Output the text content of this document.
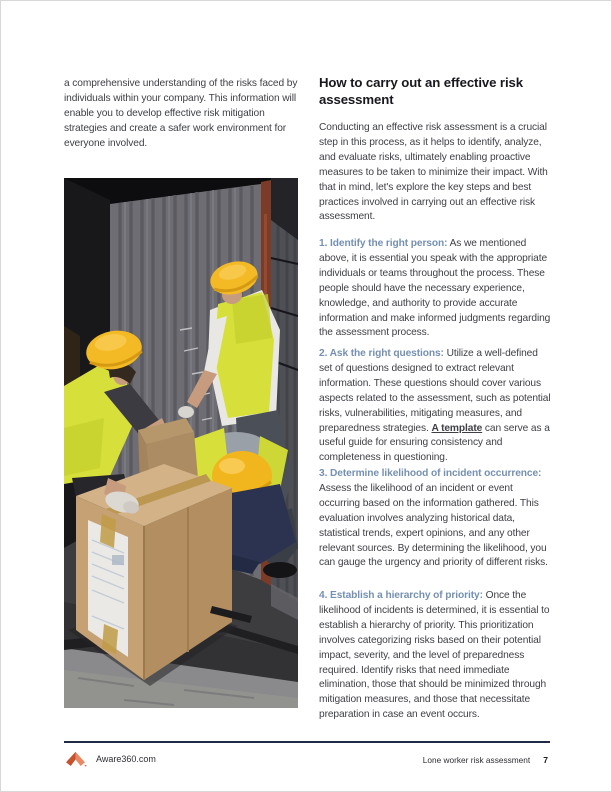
a comprehensive understanding of the risks faced by individuals within your company. This information will enable you to develop effective risk mitigation strategies and create a safer work environment for everyone involved.

How to carry out an effective risk assessment

Conducting an effective risk assessment is a crucial step in this process, as it helps to identify, analyze, and evaluate risks, ultimately enabling proactive measures to be taken to minimize their impact. With that in mind, let's explore the key steps and best practices involved in carrying out an effective risk assessment.

1. Identify the right person: As we mentioned above, it is essential you speak with the appropriate individuals or teams throughout the process. These people should have the necessary experience, knowledge, and authority to provide accurate information and make informed judgments regarding the assessment process.

2. Ask the right questions: Utilize a well-defined set of questions designed to extract relevant information. These questions should cover various aspects related to the assessment, such as potential risks, vulnerabilities, mitigating measures, and preparedness strategies. A template can serve as a useful guide for ensuring consistency and completeness in questioning.

3. Determine likelihood of incident occurrence: Assess the likelihood of an incident or event occurring based on the information gathered. This evaluation involves analyzing historical data, statistical trends, expert opinions, and any other relevant sources. By determining the likelihood, you can gauge the urgency and priority of different risks.

4. Establish a hierarchy of priority: Once the likelihood of incidents is determined, it is essential to establish a hierarchy of priority. This prioritization involves categorizing risks based on their potential impact, severity, and the level of preparedness required. Identify risks that need immediate elimination, those that should be minimized through mitigation measures, and those that necessitate preparation in case an event occurs.

Aware360.com	Lone worker risk assessment 7
